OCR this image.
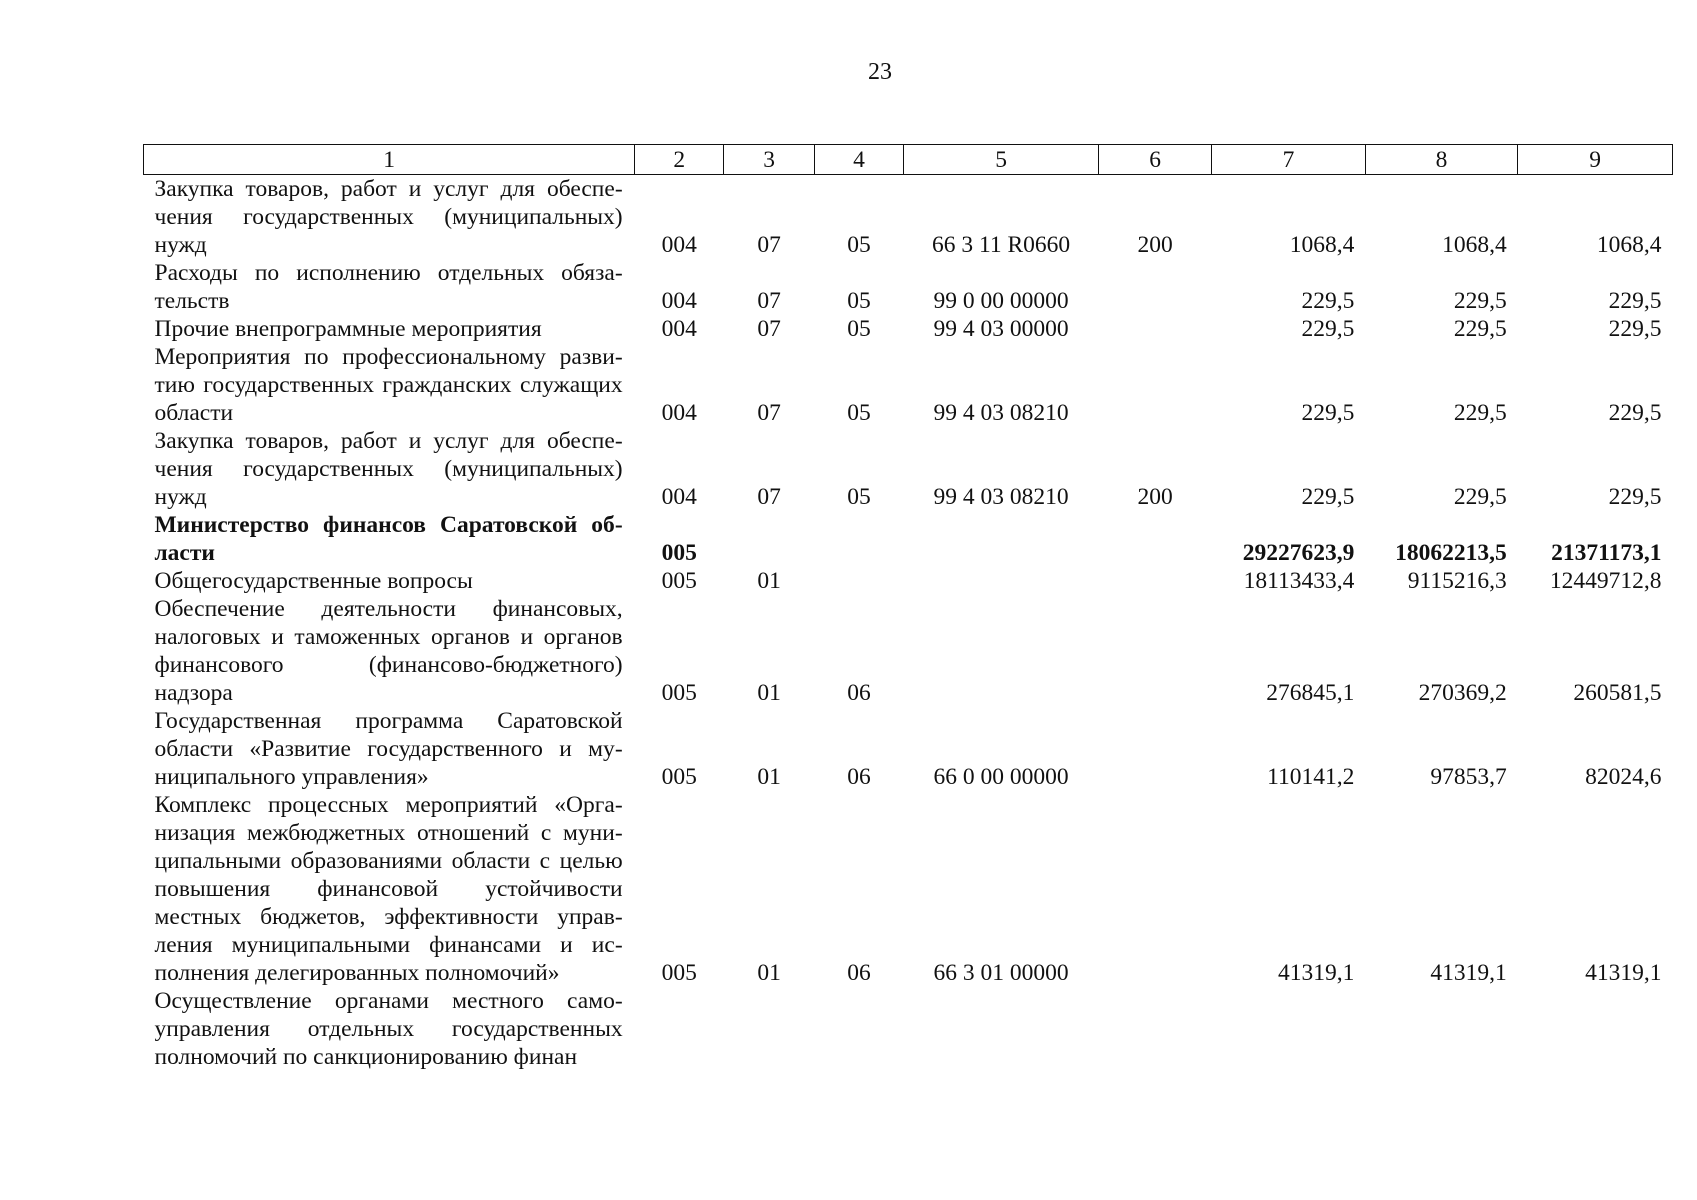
23
1	2	3	4	5	6	7	8	9

Закупка товаров, работ и услуг для обеспечения государственных (муниципальных) нужд	004	07	05	66 3 11 R0660	200	1068,4	1068,4	1068,4

Расходы по исполнению отдельных обязательств	004	07	05	99 0 00 00000		229,5	229,5	229,5

Прочие внепрограммные мероприятия	004	07	05	99 4 03 00000		229,5	229,5	229,5

Мероприятия по профессиональному развитию государственных гражданских служащих области	004	07	05	99 4 03 08210		229,5	229,5	229,5

Закупка товаров, работ и услуг для обеспечения государственных (муниципальных) нужд	004	07	05	99 4 03 08210	200	229,5	229,5	229,5

Министерство финансов Саратовской области	005					29227623,9	18062213,5	21371173,1

Общегосударственные вопросы	005	01				18113433,4	9115216,3	12449712,8

Обеспечение деятельности финансовых, налоговых и таможенных органов и органов финансового (финансово-бюджетного) надзора	005	01	06			276845,1	270369,2	260581,5

Государственная программа Саратовской области «Развитие государственного и муниципального управления»	005	01	06	66 0 00 00000		110141,2	97853,7	82024,6

Комплекс процессных мероприятий «Организация межбюджетных отношений с муниципальными образованиями области с целью повышения финансовой устойчивости местных бюджетов, эффективности управления муниципальными финансами и исполнения делегированных полномочий»	005	01	06	66 3 01 00000		41319,1	41319,1	41319,1

Осуществление органами местного самоуправления отдельных государственных полномочий по санкционированию финан								
